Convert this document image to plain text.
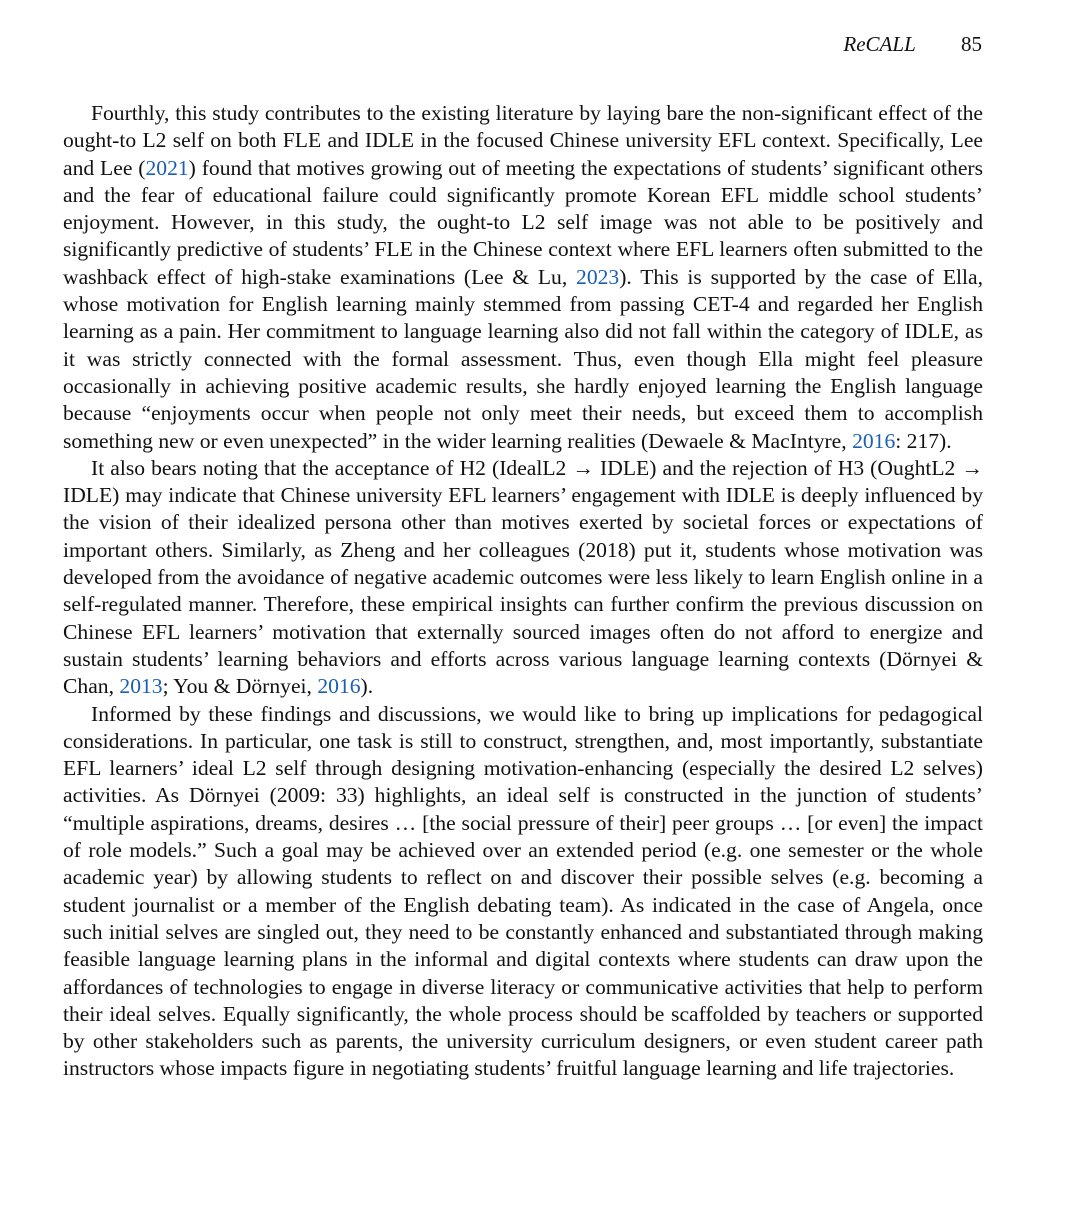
ReCALL 85

Fourthly, this study contributes to the existing literature by laying bare the non-significant effect of the ought-to L2 self on both FLE and IDLE in the focused Chinese university EFL context. Specifically, Lee and Lee (2021) found that motives growing out of meeting the expectations of students’ significant others and the fear of educational failure could significantly promote Korean EFL middle school students’ enjoyment. However, in this study, the ought-to L2 self image was not able to be positively and significantly predictive of students’ FLE in the Chinese context where EFL learners often submitted to the washback effect of high-stake examinations (Lee & Lu, 2023). This is supported by the case of Ella, whose motivation for English learning mainly stemmed from passing CET-4 and regarded her English learning as a pain. Her commitment to language learning also did not fall within the category of IDLE, as it was strictly connected with the formal assessment. Thus, even though Ella might feel pleasure occasionally in achieving positive academic results, she hardly enjoyed learning the English language because “enjoyments occur when people not only meet their needs, but exceed them to accomplish something new or even unexpected” in the wider learning realities (Dewaele & MacIntyre, 2016: 217).

It also bears noting that the acceptance of H2 (IdealL2 → IDLE) and the rejection of H3 (OughtL2 → IDLE) may indicate that Chinese university EFL learners’ engagement with IDLE is deeply influenced by the vision of their idealized persona other than motives exerted by societal forces or expectations of important others. Similarly, as Zheng and her colleagues (2018) put it, students whose motivation was developed from the avoidance of negative academic outcomes were less likely to learn English online in a self-regulated manner. Therefore, these empirical insights can further confirm the previous discussion on Chinese EFL learners’ motivation that externally sourced images often do not afford to energize and sustain students’ learning behaviors and efforts across various language learning contexts (Dörnyei & Chan, 2013; You & Dörnyei, 2016).

Informed by these findings and discussions, we would like to bring up implications for pedagogical considerations. In particular, one task is still to construct, strengthen, and, most importantly, substantiate EFL learners’ ideal L2 self through designing motivation-enhancing (especially the desired L2 selves) activities. As Dörnyei (2009: 33) highlights, an ideal self is constructed in the junction of students’ “multiple aspirations, dreams, desires … [the social pressure of their] peer groups … [or even] the impact of role models.” Such a goal may be achieved over an extended period (e.g. one semester or the whole academic year) by allowing students to reflect on and discover their possible selves (e.g. becoming a student journalist or a member of the English debating team). As indicated in the case of Angela, once such initial selves are singled out, they need to be constantly enhanced and substantiated through making feasible language learning plans in the informal and digital contexts where students can draw upon the affordances of technologies to engage in diverse literacy or communicative activities that help to perform their ideal selves. Equally significantly, the whole process should be scaffolded by teachers or supported by other stakeholders such as parents, the university curriculum designers, or even student career path instructors whose impacts figure in negotiating students’ fruitful language learning and life trajectories.
